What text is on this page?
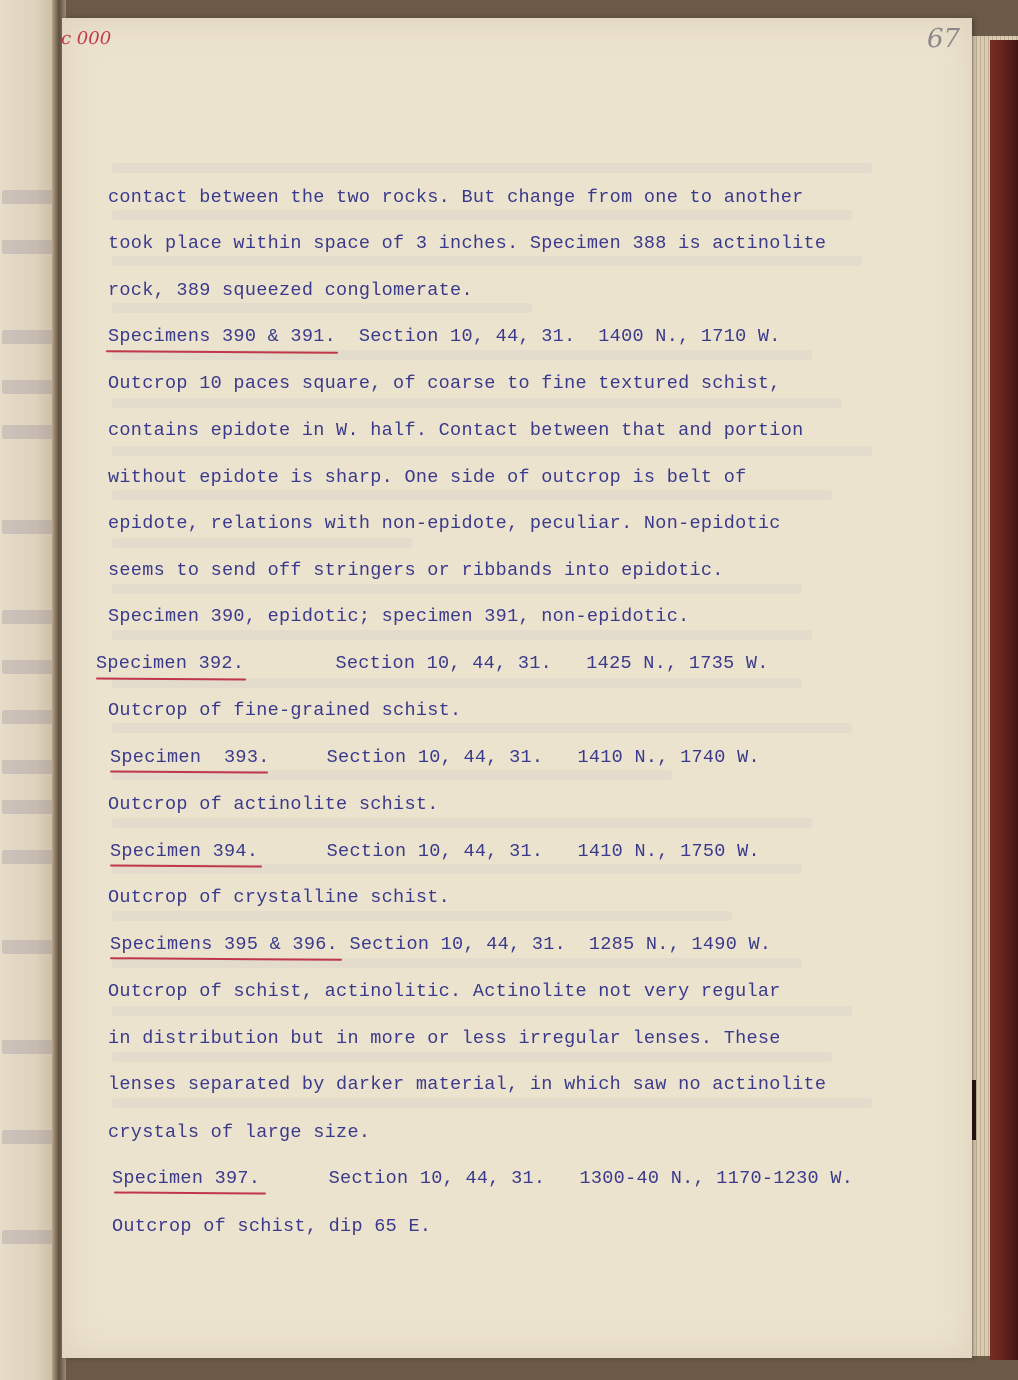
c 000	67
contact between the two rocks. But change from one to another
took place within space of 3 inches. Specimen 388 is actinolite
rock, 389 squeezed conglomerate.
Specimens 390 & 391.  Section 10, 44, 31.  1400 N., 1710 W.
Outcrop 10 paces square, of coarse to fine textured schist,
contains epidote in W. half. Contact between that and portion
without epidote is sharp. One side of outcrop is belt of
epidote, relations with non-epidote, peculiar. Non-epidotic
seems to send off stringers or ribbands into epidotic.
Specimen 390, epidotic; specimen 391, non-epidotic.
Specimen 392.        Section 10, 44, 31.   1425 N., 1735 W.
Outcrop of fine-grained schist.
Specimen  393.     Section 10, 44, 31.   1410 N., 1740 W.
Outcrop of actinolite schist.
Specimen 394.      Section 10, 44, 31.   1410 N., 1750 W.
Outcrop of crystalline schist.
Specimens 395 & 396. Section 10, 44, 31.  1285 N., 1490 W.
Outcrop of schist, actinolitic. Actinolite not very regular
in distribution but in more or less irregular lenses. These
lenses separated by darker material, in which saw no actinolite
crystals of large size.
Specimen 397.      Section 10, 44, 31.   1300-40 N., 1170-1230 W.
Outcrop of schist, dip 65 E.
